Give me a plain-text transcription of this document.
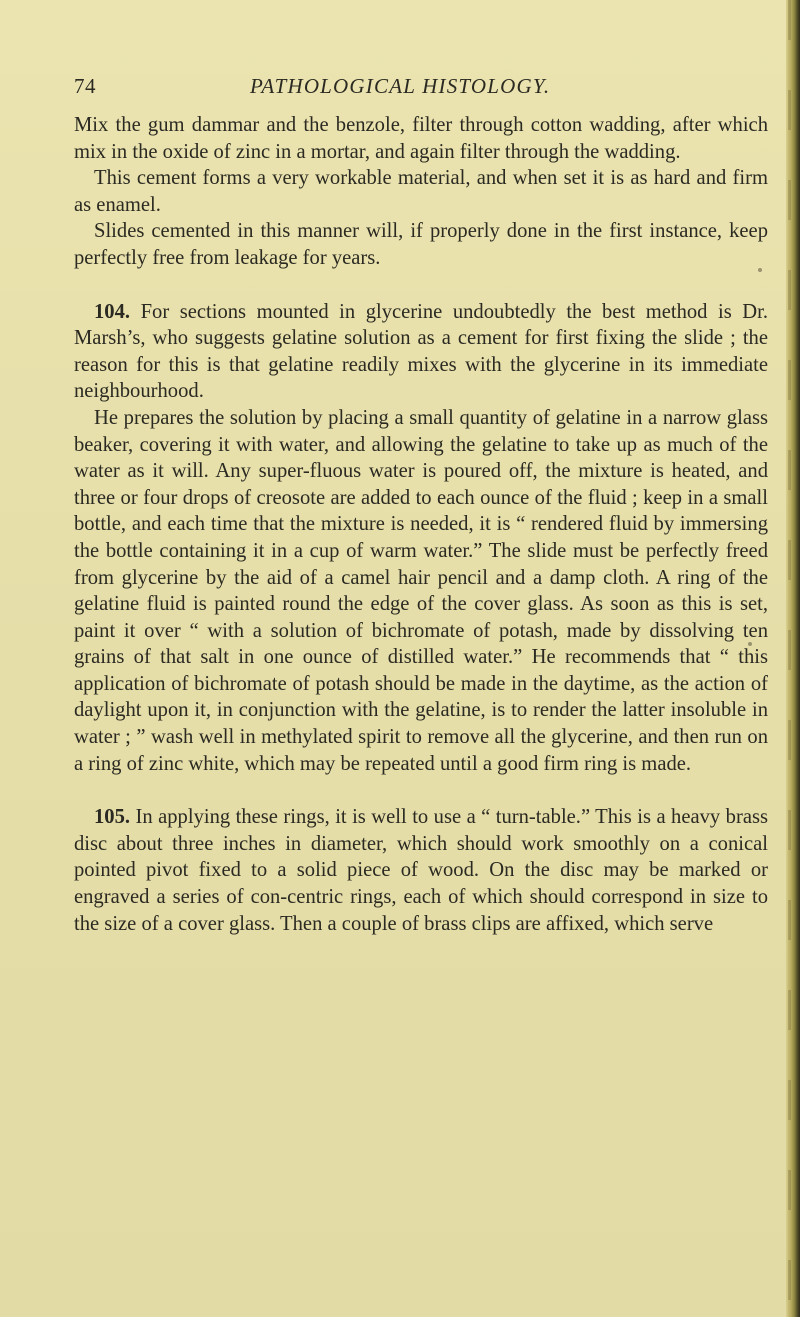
74	PATHOLOGICAL HISTOLOGY.

Mix the gum dammar and the benzole, filter through cotton wadding, after which mix in the oxide of zinc in a mortar, and again filter through the wadding.

This cement forms a very workable material, and when set it is as hard and firm as enamel.

Slides cemented in this manner will, if properly done in the first instance, keep perfectly free from leakage for years.

104. For sections mounted in glycerine undoubtedly the best method is Dr. Marsh’s, who suggests gelatine solution as a cement for first fixing the slide ; the reason for this is that gelatine readily mixes with the glycerine in its immediate neighbourhood.

He prepares the solution by placing a small quantity of gelatine in a narrow glass beaker, covering it with water, and allowing the gelatine to take up as much of the water as it will. Any super-fluous water is poured off, the mixture is heated, and three or four drops of creosote are added to each ounce of the fluid ; keep in a small bottle, and each time that the mixture is needed, it is “ rendered fluid by immersing the bottle containing it in a cup of warm water.” The slide must be perfectly freed from glycerine by the aid of a camel hair pencil and a damp cloth. A ring of the gelatine fluid is painted round the edge of the cover glass. As soon as this is set, paint it over “ with a solution of bichromate of potash, made by dissolving ten grains of that salt in one ounce of distilled water.” He recommends that “ this application of bichromate of potash should be made in the daytime, as the action of daylight upon it, in conjunction with the gelatine, is to render the latter insoluble in water ; ” wash well in methylated spirit to remove all the glycerine, and then run on a ring of zinc white, which may be repeated until a good firm ring is made.

105. In applying these rings, it is well to use a “ turn-table.” This is a heavy brass disc about three inches in diameter, which should work smoothly on a conical pointed pivot fixed to a solid piece of wood. On the disc may be marked or engraved a series of con-centric rings, each of which should correspond in size to the size of a cover glass. Then a couple of brass clips are affixed, which serve
